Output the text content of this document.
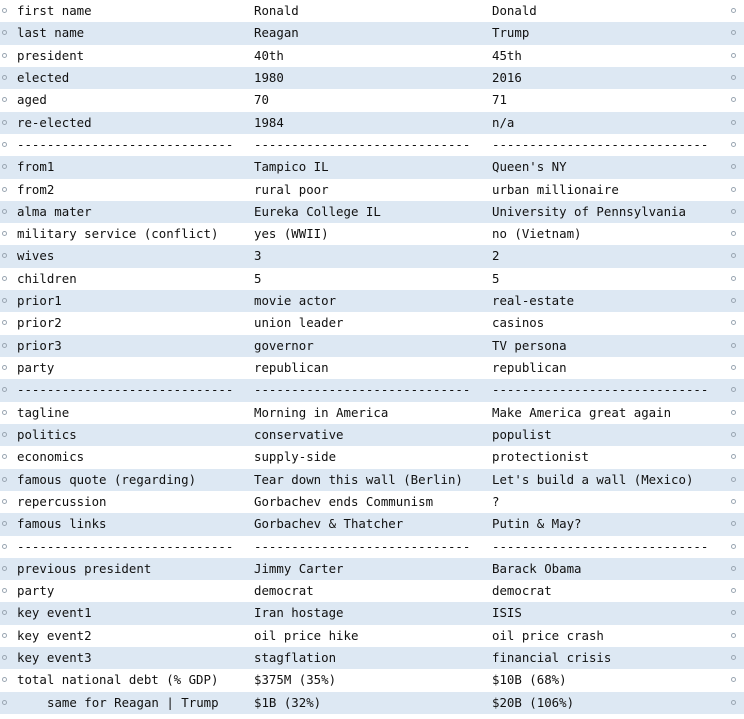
first name	Ronald	Donald
last name	Reagan	Trump
president	40th	45th
elected	1980	2016
aged	70	71
re-elected	1984	n/a
-----------------------------	-----------------------------	-----------------------------
from1	Tampico IL	Queen's NY
from2	rural poor	urban millionaire
alma mater	Eureka College IL	University of Pennsylvania
military service (conflict)	yes (WWII)	no (Vietnam)
wives	3	2
children	5	5
prior1	movie actor	real-estate
prior2	union leader	casinos
prior3	governor	TV persona
party	republican	republican
-----------------------------	-----------------------------	-----------------------------
tagline	Morning in America	Make America great again
politics	conservative	populist
economics	supply-side	protectionist
famous quote (regarding)	Tear down this wall (Berlin)	Let's build a wall (Mexico)
repercussion	Gorbachev ends Communism	?
famous links	Gorbachev & Thatcher	Putin & May?
-----------------------------	-----------------------------	-----------------------------
previous president	Jimmy Carter	Barack Obama
party	democrat	democrat
key event1	Iran hostage	ISIS
key event2	oil price hike	oil price crash
key event3	stagflation	financial crisis
total national debt (% GDP)	$375M (35%)	$10B (68%)
same for Reagan | Trump	$1B (32%)	$20B (106%)
